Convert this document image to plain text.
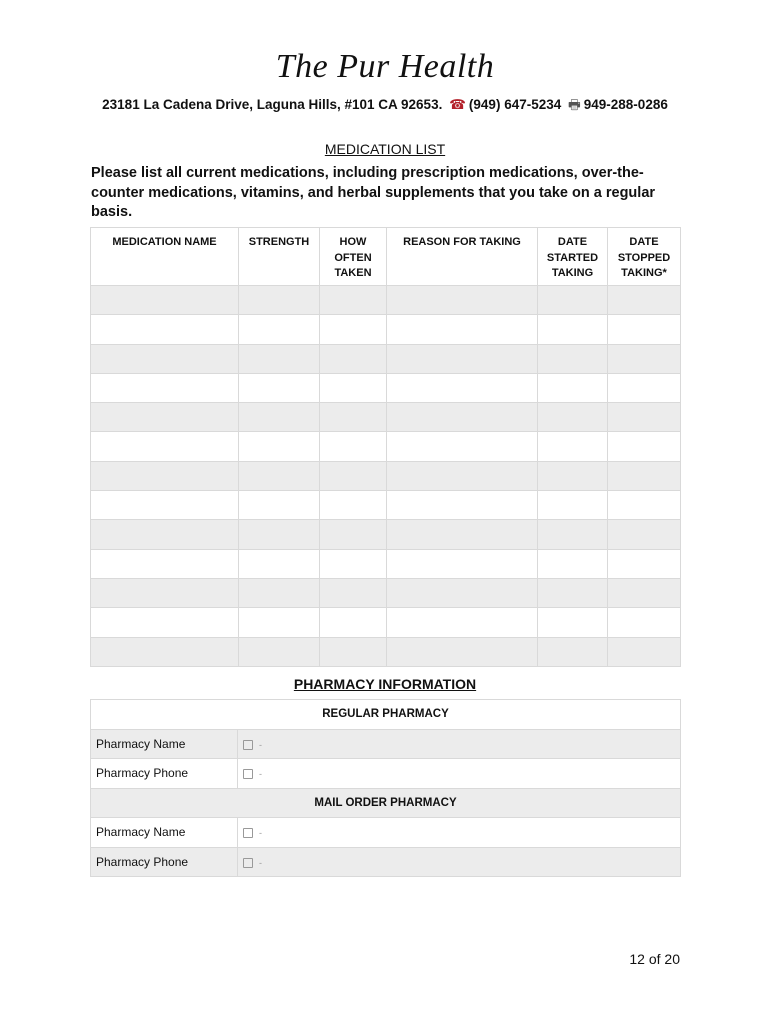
The Pur Health
23181 La Cadena Drive, Laguna Hills, #101 CA 92653. ☎ (949) 647-5234 🖶 949-288-0286
MEDICATION LIST
Please list all current medications, including prescription medications, over-the-counter medications, vitamins, and herbal supplements that you take on a regular basis.
MEDICATION NAME	STRENGTH	HOW OFTEN TAKEN	REASON FOR TAKING	DATE STARTED TAKING	DATE STOPPED TAKING*

PHARMACY INFORMATION
REGULAR PHARMACY	
Pharmacy Name	-
Pharmacy Phone	-
MAIL ORDER PHARMACY	
Pharmacy Name	-
Pharmacy Phone	-
12 of 20
